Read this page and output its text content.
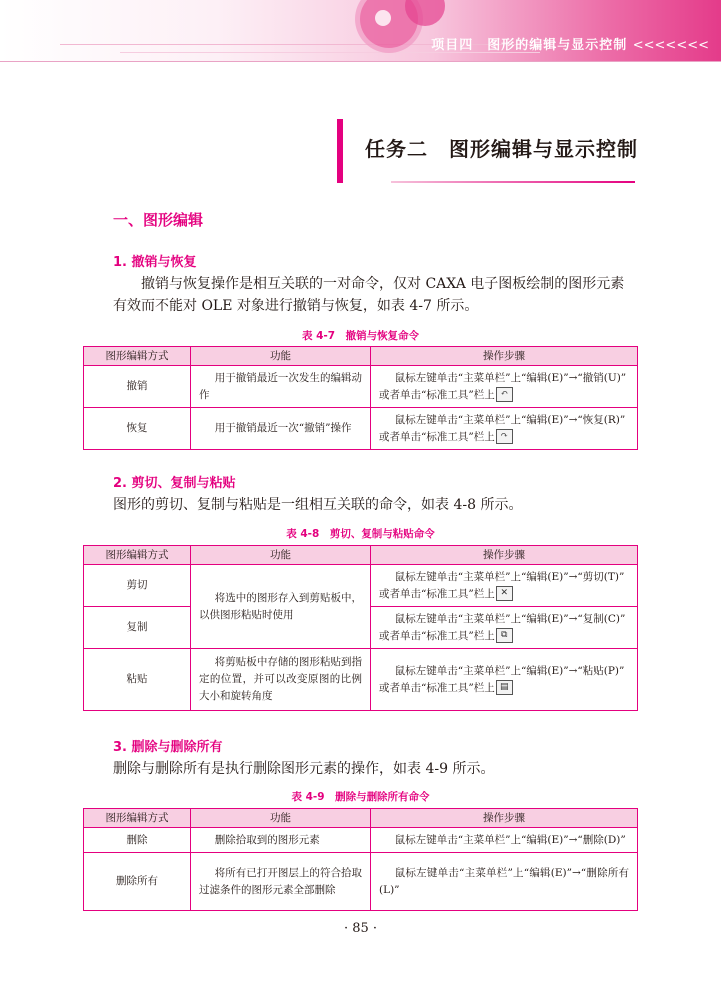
项目四 图形的编辑与显示控制 <<<<<<<
任务二　图形编辑与显示控制
一、图形编辑
1. 撤销与恢复
撤销与恢复操作是相互关联的一对命令，仅对 CAXA 电子图板绘制的图形元素有效而不能对 OLE 对象进行撤销与恢复，如表 4-7 所示。
表 4-7　撤销与恢复命令
图形编辑方式	功能	操作步骤
撤销	用于撤销最近一次发生的编辑动作	鼠标左键单击“主菜单栏”上“编辑(E)”→“撤销(U)”
或者单击“标准工具”栏上 ↶

恢复	用于撤销最近一次“撤销”操作	鼠标左键单击“主菜单栏”上“编辑(E)”→“恢复(R)”
或者单击“标准工具”栏上 ↷
2. 剪切、复制与粘贴
图形的剪切、复制与粘贴是一组相互关联的命令，如表 4-8 所示。
表 4-8　剪切、复制与粘贴命令
图形编辑方式	功能	操作步骤
剪切	将选中的图形存入到剪贴板中，以供图形粘贴时使用	鼠标左键单击“主菜单栏”上“编辑(E)”→“剪切(T)”
或者单击“标准工具”栏上 ✕

复制		鼠标左键单击“主菜单栏”上“编辑(E)”→“复制(C)”
或者单击“标准工具”栏上 ⧉

粘贴	将剪贴板中存储的图形粘贴到指定的位置，并可以改变原图的比例大小和旋转角度	鼠标左键单击“主菜单栏”上“编辑(E)”→“粘贴(P)”
或者单击“标准工具”栏上 ▤
3. 删除与删除所有
删除与删除所有是执行删除图形元素的操作，如表 4-9 所示。
表 4-9　删除与删除所有命令
图形编辑方式	功能	操作步骤
删除	删除拾取到的图形元素	鼠标左键单击“主菜单栏”上“编辑(E)”→“删除(D)”
删除所有	将所有已打开图层上的符合拾取过滤条件的图形元素全部删除	鼠标左键单击“主菜单栏”上“编辑(E)”→“删除所有(L)”
· 85 ·
